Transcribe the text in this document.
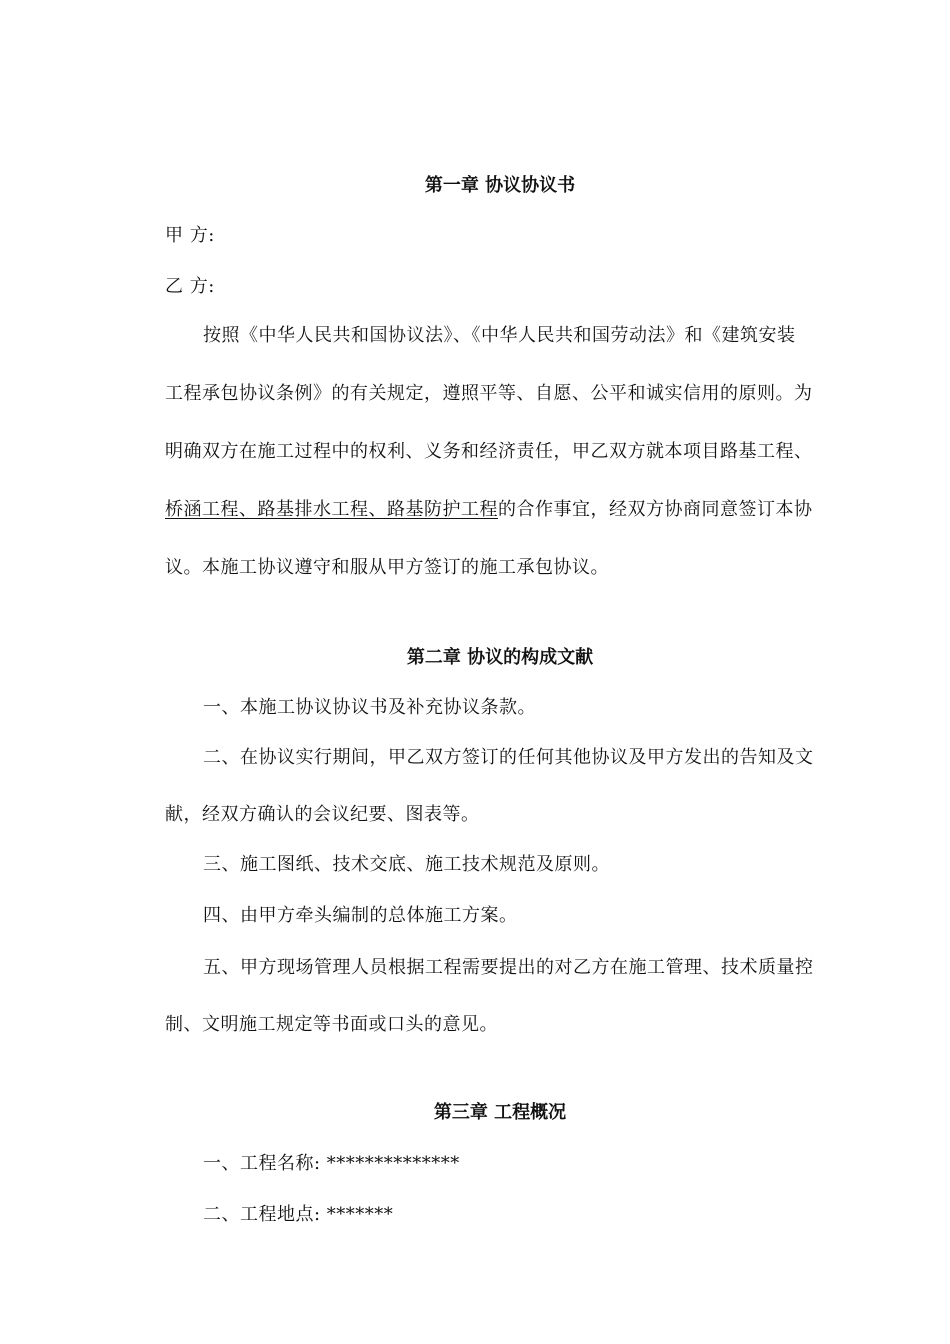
第一章 协议协议书
甲 方:
乙 方:
按照《中华人民共和国协议法》、《中华人民共和国劳动法》和《建筑安装
工程承包协议条例》的有关规定，遵照平等、自愿、公平和诚实信用的原则。为
明确双方在施工过程中的权利、义务和经济责任，甲乙双方就本项目路基工程、
桥涵工程、路基排水工程、路基防护工程的合作事宜，经双方协商同意签订本协
议。本施工协议遵守和服从甲方签订的施工承包协议。
第二章 协议的构成文献
一、本施工协议协议书及补充协议条款。
二、在协议实行期间，甲乙双方签订的任何其他协议及甲方发出的告知及文
献，经双方确认的会议纪要、图表等。
三、施工图纸、技术交底、施工技术规范及原则。
四、由甲方牵头编制的总体施工方案。
五、甲方现场管理人员根据工程需要提出的对乙方在施工管理、技术质量控
制、文明施工规定等书面或口头的意见。
第三章 工程概况
一、工程名称: **************
二、工程地点: *******
